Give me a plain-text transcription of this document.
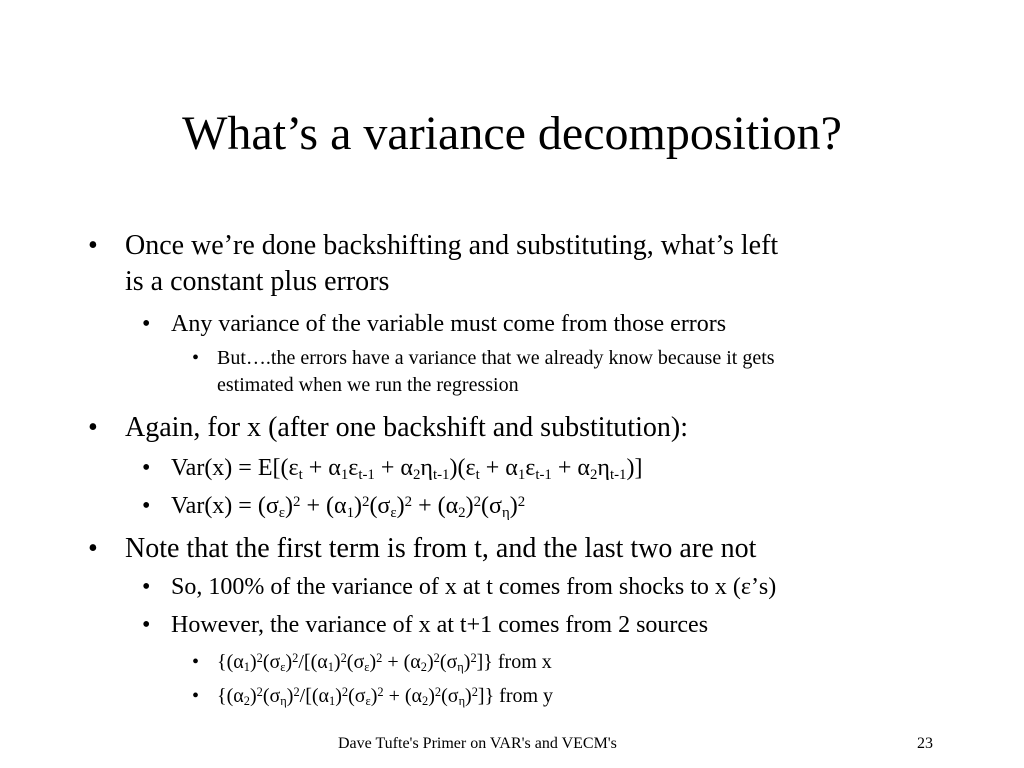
What’s a variance decomposition?
• Once we’re done backshifting and substituting, what’s left
is a constant plus errors
• Any variance of the variable must come from those errors
• But….the errors have a variance that we already know because it gets
estimated when we run the regression
• Again, for x (after one backshift and substitution):
• $Var(x) = E[(\varepsilon_t + \alpha_1\varepsilon_{t-1} + \alpha_2\eta_{t-1})(\varepsilon_t + \alpha_1\varepsilon_{t-1} + \alpha_2\eta_{t-1})]$
• $Var(x) = (\sigma_\varepsilon)^2 + (\alpha_1)^2(\sigma_\varepsilon)^2 + (\alpha_2)^2(\sigma_\eta)^2$
• Note that the first term is from t, and the last two are not
• So, 100% of the variance of x at t comes from shocks to x (ε’s)
• However, the variance of x at t+1 comes from 2 sources
• $\{(\alpha_1)^2(\sigma_\varepsilon)^2/[(\alpha_1)^2(\sigma_\varepsilon)^2 + (\alpha_2)^2(\sigma_\eta)^2]\}$ from x
• $\{(\alpha_2)^2(\sigma_\eta)^2/[(\alpha_1)^2(\sigma_\varepsilon)^2 + (\alpha_2)^2(\sigma_\eta)^2]\}$ from y
Dave Tufte's Primer on VAR's and VECM's	23
